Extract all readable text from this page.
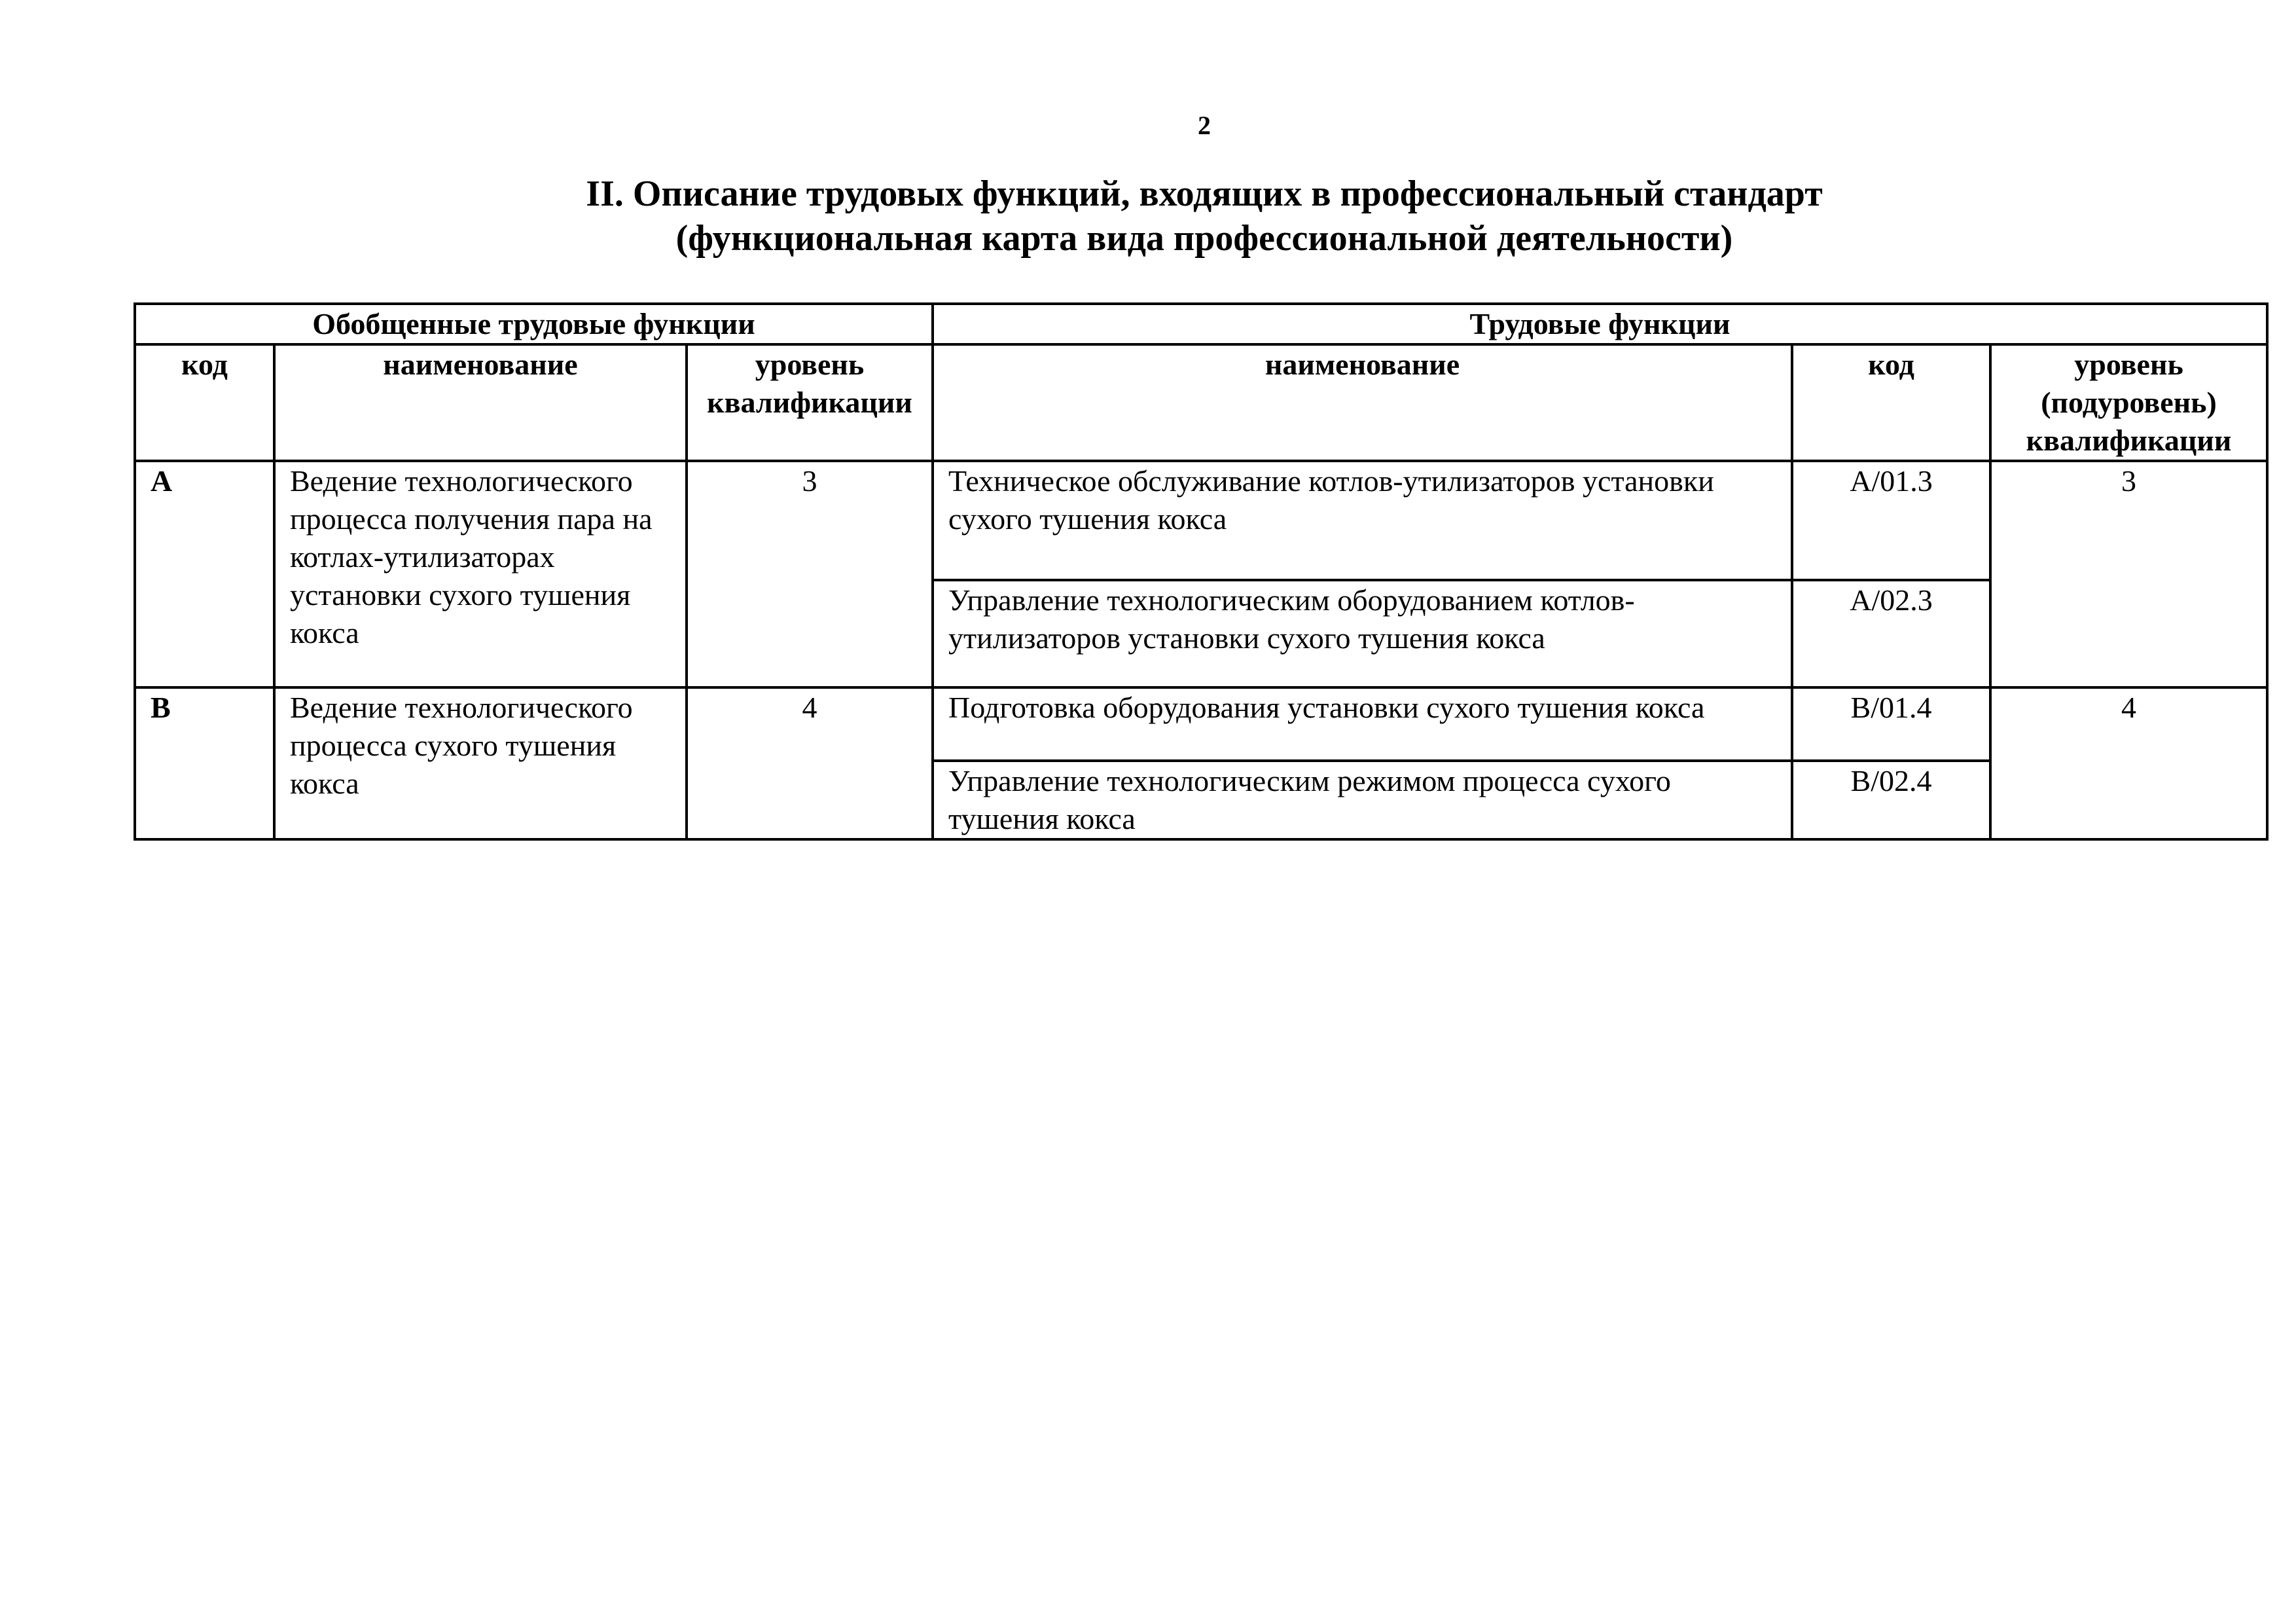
2
II. Описание трудовых функций, входящих в профессиональный стандарт
(функциональная карта вида профессиональной деятельности)
Обобщенные трудовые функции			Трудовые функции		
код	наименование	уровень квалификации	наименование	код	уровень (подуровень) квалификации
A	Ведение технологического процесса получения пара на котлах-утилизаторах установки сухого тушения кокса	3	Техническое обслуживание котлов-утилизаторов установки сухого тушения кокса	A/01.3	3
			Управление технологическим оборудованием котлов-утилизаторов установки сухого тушения кокса	A/02.3	
B	Ведение технологического процесса сухого тушения кокса	4	Подготовка оборудования установки сухого тушения кокса	B/01.4	4
			Управление технологическим режимом процесса сухого тушения кокса	B/02.4	
